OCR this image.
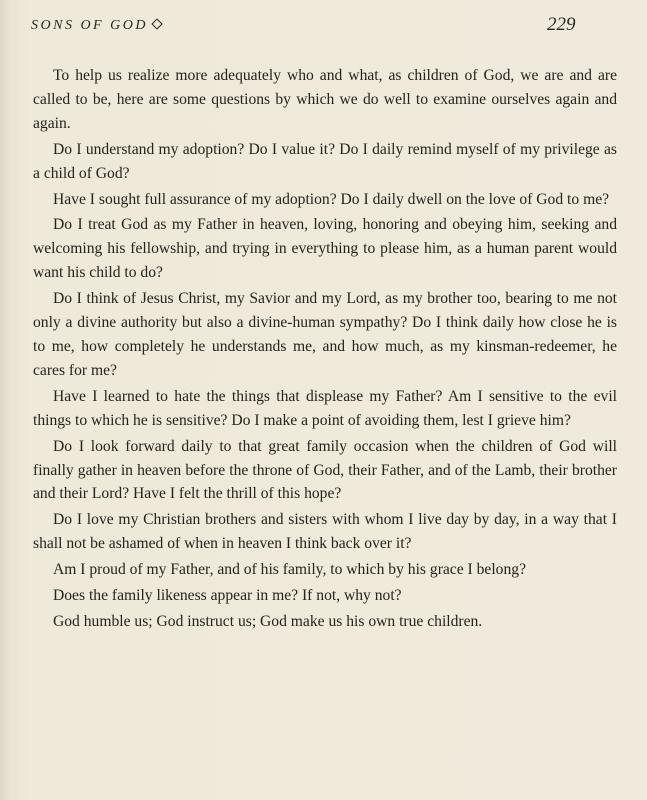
SONS OF GOD	229

To help us realize more adequately who and what, as children of God, we are and are called to be, here are some questions by which we do well to examine ourselves again and again.

Do I understand my adoption? Do I value it? Do I daily remind myself of my privilege as a child of God?

Have I sought full assurance of my adoption? Do I daily dwell on the love of God to me?

Do I treat God as my Father in heaven, loving, honoring and obeying him, seeking and welcoming his fellowship, and trying in everything to please him, as a human parent would want his child to do?

Do I think of Jesus Christ, my Savior and my Lord, as my brother too, bearing to me not only a divine authority but also a divine-human sympathy? Do I think daily how close he is to me, how completely he understands me, and how much, as my kinsman-redeemer, he cares for me?

Have I learned to hate the things that displease my Father? Am I sensitive to the evil things to which he is sensitive? Do I make a point of avoiding them, lest I grieve him?

Do I look forward daily to that great family occasion when the children of God will finally gather in heaven before the throne of God, their Father, and of the Lamb, their brother and their Lord? Have I felt the thrill of this hope?

Do I love my Christian brothers and sisters with whom I live day by day, in a way that I shall not be ashamed of when in heaven I think back over it?

Am I proud of my Father, and of his family, to which by his grace I belong?

Does the family likeness appear in me? If not, why not?

God humble us; God instruct us; God make us his own true children.
